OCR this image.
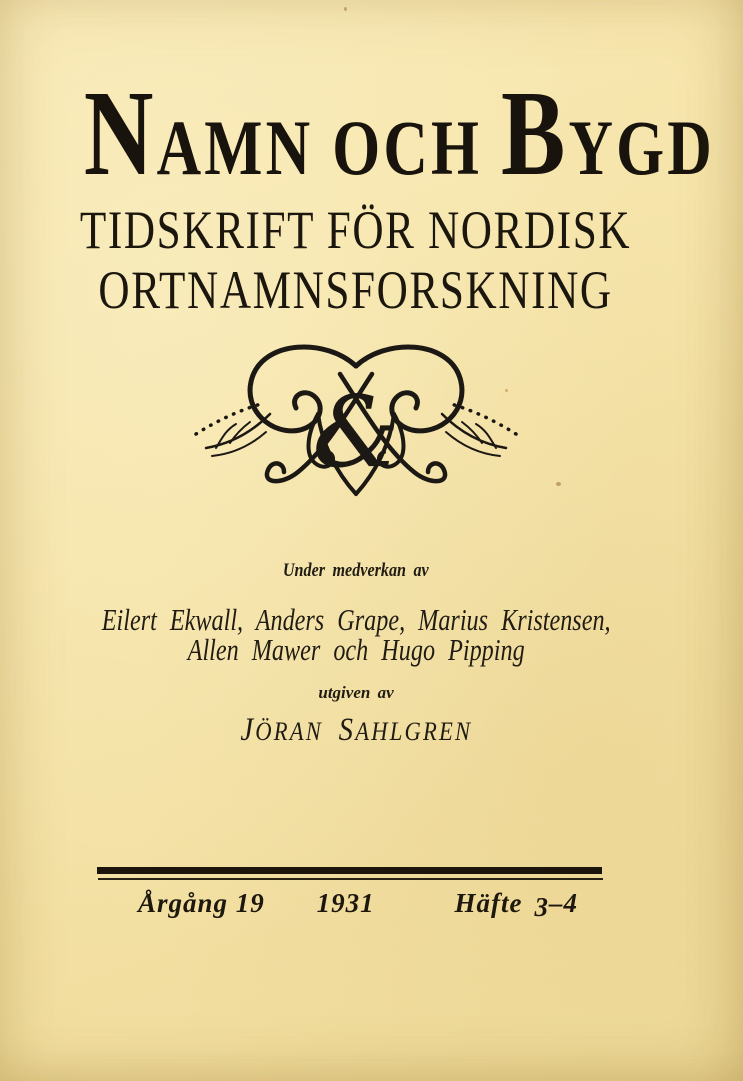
NAMN OCH BYGD
TIDSKRIFT FÖR NORDISK
ORTNAMNSFORSKNING
&
Under medverkan av
Eilert Ekwall, Anders Grape, Marius Kristensen,
Allen Mawer och Hugo Pipping
utgiven av
JÖRAN SAHLGREN
Årgång 19 1931	Häfte 3–4
